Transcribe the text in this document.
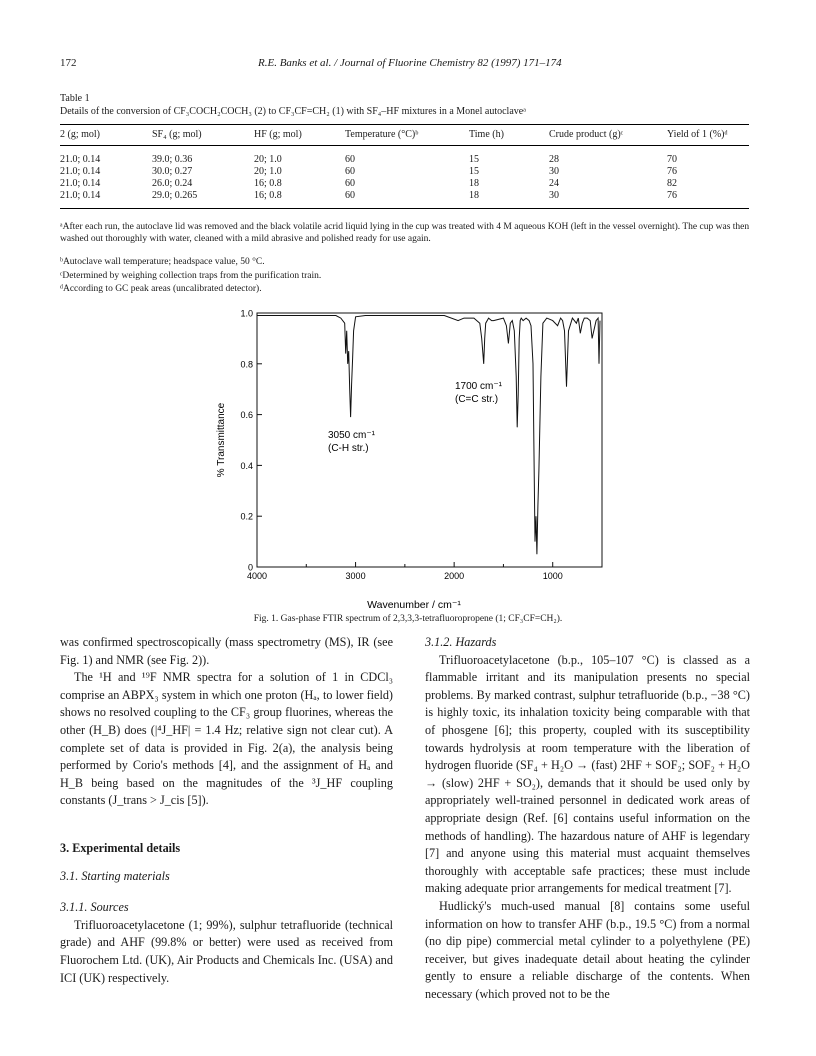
172	R.E. Banks et al. / Journal of Fluorine Chemistry 82 (1997) 171–174
Table 1
Details of the conversion of CF₃COCH₂COCH₃ (2) to CF₃CF=CH₂ (1) with SF₄–HF mixtures in a Monel autoclaveᵃ
2 (g; mol)	SF₄ (g; mol)	HF (g; mol)	Temperature (°C)ᵇ	Time (h)	Crude product (g)ᶜ	Yield of 1 (%)ᵈ
21.0; 0.14	39.0; 0.36	20; 1.0	60	15	28	70
21.0; 0.14	30.0; 0.27	20; 1.0	60	15	30	76
21.0; 0.14	26.0; 0.24	16; 0.8	60	18	24	82
21.0; 0.14	29.0; 0.265	16; 0.8	60	18	30	76
ᵃAfter each run, the autoclave lid was removed and the black volatile acrid liquid lying in the cup was treated with 4 M aqueous KOH (left in the vessel overnight). The cup was then washed out thoroughly with water, cleaned with a mild abrasive and polished ready for use again.
ᵇAutoclave wall temperature; headspace value, 50 °C.
ᶜDetermined by weighing collection traps from the purification train.
ᵈAccording to GC peak areas (uncalibrated detector).
0
0.2
0.4
0.6
0.8
1.0
4000	3000	2000	1000
% Transmittance
Wavenumber / cm⁻¹
3050 cm⁻¹
(C-H str.)
1700 cm⁻¹
(C=C str.)
Fig. 1. Gas-phase FTIR spectrum of 2,3,3,3-tetrafluoropropene (1; CF₃CF=CH₂).

was confirmed spectroscopically (mass spectrometry (MS), IR (see Fig. 1) and NMR (see Fig. 2)).

The ¹H and ¹⁹F NMR spectra for a solution of 1 in CDCl₃ comprise an ABPX₃ system in which one proton (Hₐ, to lower field) shows no resolved coupling to the CF₃ group fluorines, whereas the other (H_B) does (|⁴J_HF| = 1.4 Hz; relative sign not clear cut). A complete set of data is provided in Fig. 2(a), the analysis being performed by Corio's methods [4], and the assignment of Hₐ and H_B being based on the magnitudes of the ³J_HF coupling constants (J_trans > J_cis [5]).

3. Experimental details

3.1. Starting materials

3.1.1. Sources

Trifluoroacetylacetone (1; 99%), sulphur tetrafluoride (technical grade) and AHF (99.8% or better) were used as received from Fluorochem Ltd. (UK), Air Products and Chemicals Inc. (USA) and ICI (UK) respectively.

3.1.2. Hazards

Trifluoroacetylacetone (b.p., 105–107 °C) is classed as a flammable irritant and its manipulation presents no special problems. By marked contrast, sulphur tetrafluoride (b.p., −38 °C) is highly toxic, its inhalation toxicity being comparable with that of phosgene [6]; this property, coupled with its susceptibility towards hydrolysis at room temperature with the liberation of hydrogen fluoride (SF₄ + H₂O → (fast) 2HF + SOF₂; SOF₂ + H₂O → (slow) 2HF + SO₂), demands that it should be used only by appropriately well-trained personnel in dedicated work areas of appropriate design (Ref. [6] contains useful information on the methods of handling). The hazardous nature of AHF is legendary [7] and anyone using this material must acquaint themselves thoroughly with acceptable safe practices; these must include making adequate prior arrangements for medical treatment [7].

Hudlický's much-used manual [8] contains some useful information on how to transfer AHF (b.p., 19.5 °C) from a normal (no dip pipe) commercial metal cylinder to a polyethylene (PE) receiver, but gives inadequate detail about heating the cylinder gently to ensure a reliable discharge of the contents. When necessary (which proved not to be the
